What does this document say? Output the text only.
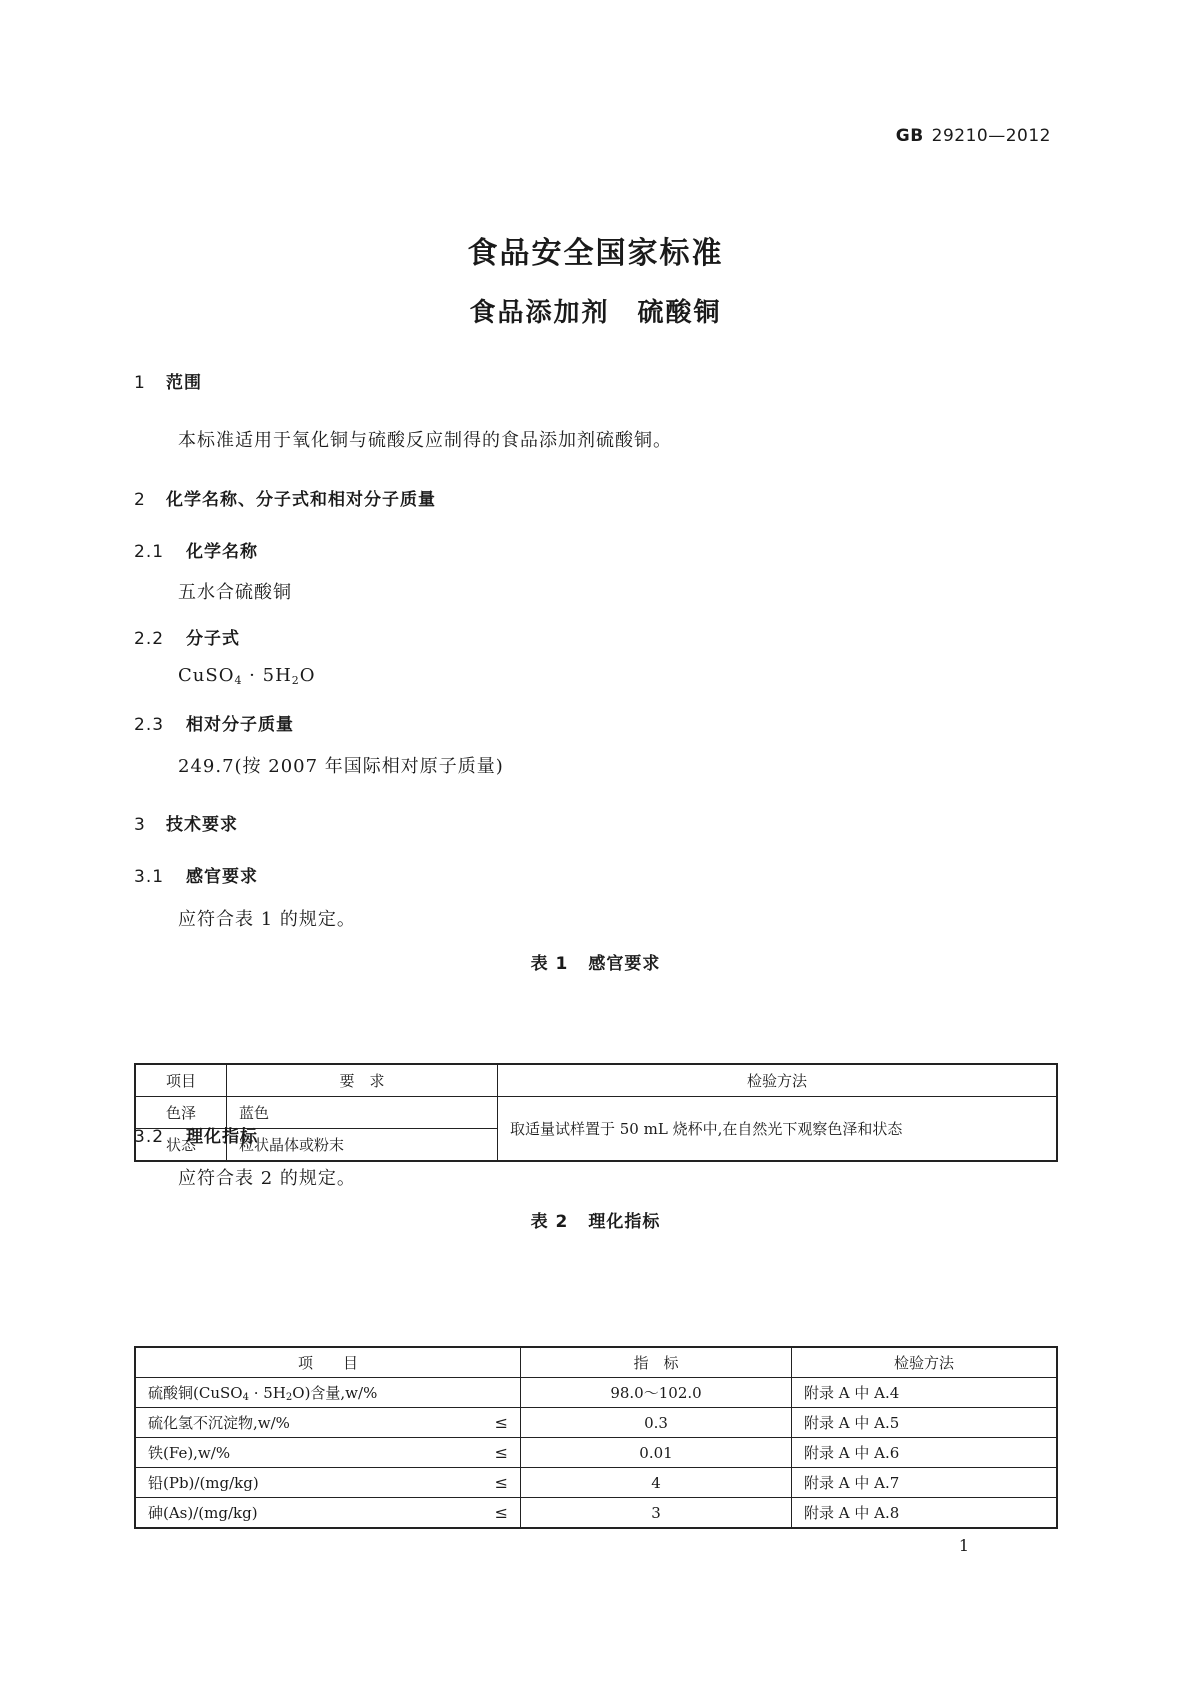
GB 29210—2012
食品安全国家标准
食品添加剂　硫酸铜
1 范围
本标准适用于氧化铜与硫酸反应制得的食品添加剂硫酸铜。
2 化学名称、分子式和相对分子质量
2.1 化学名称
五水合硫酸铜
2.2 分子式
CuSO$_4$ · $5H_2O$
2.3 相对分子质量
249.7(按 2007 年国际相对原子质量)
3 技术要求
3.1 感官要求
应符合表 1 的规定。
表 1 感官要求
项目	要　求	检验方法
色泽	蓝色	取适量试样置于 50 mL 烧杯中,在自然光下观察色泽和状态
状态	粒状晶体或粉末	
3.2 理化指标
应符合表 2 的规定。
表 2 理化指标
项　　目	指　标	检验方法
硫酸铜(CuSO$_4$ · $5H_2O$)含量,w/%	98.0～102.0	附录 A 中 A.4
硫化氢不沉淀物,w/% ≤	0.3	附录 A 中 A.5
铁(Fe),w/% ≤	0.01	附录 A 中 A.6
铅(Pb)/(mg/kg) ≤	4	附录 A 中 A.7
砷(As)/(mg/kg) ≤	3	附录 A 中 A.8
1
